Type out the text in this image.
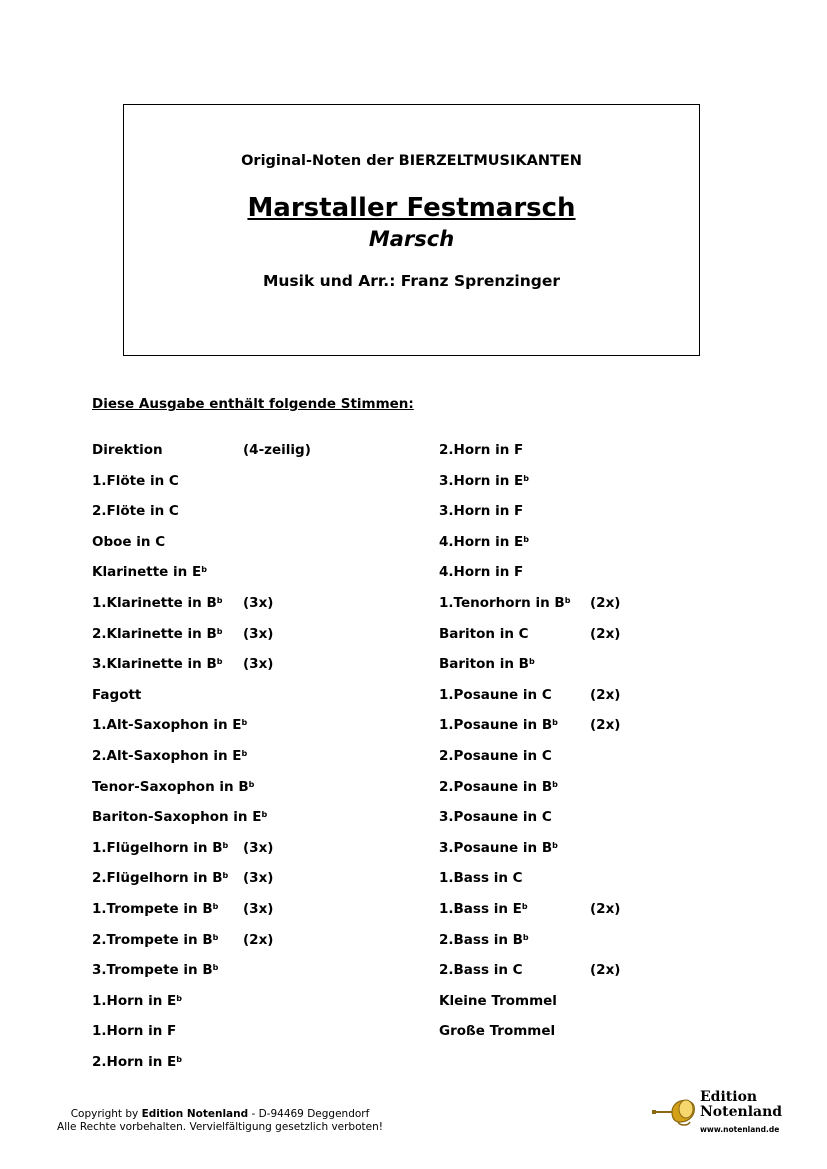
Original-Noten der BIERZELTMUSIKANTEN
Marstaller Festmarsch
Marsch
Musik und Arr.: Franz Sprenzinger
Diese Ausgabe enthält folgende Stimmen:
Direktion	(4-zeilig)
1.Flöte in C
2.Flöte in C
Oboe in C
Klarinette in $E^b$
1.Klarinette in $B^b$ (3x)
2.Klarinette in $B^b$ (3x)
3.Klarinette in $B^b$ (3x)
Fagott
1.Alt-Saxophon in $E^b$
2.Alt-Saxophon in $E^b$
Tenor-Saxophon in $B^b$
Bariton-Saxophon in $E^b$
1.Flügelhorn in $B^b$ (3x)
2.Flügelhorn in $B^b$ (3x)
1.Trompete in $B^b$ (3x)
2.Trompete in $B^b$ (2x)
3.Trompete in $B^b$
1.Horn in $E^b$
1.Horn in F
2.Horn in $E^b$
2.Horn in F
3.Horn in $E^b$
3.Horn in F
4.Horn in $E^b$
4.Horn in F
1.Tenorhorn in $B^b$ (2x)
Bariton in C	(2x)
Bariton in $B^b$
1.Posaune in C	(2x)
1.Posaune in $B^b$ (2x)
2.Posaune in C
2.Posaune in $B^b$
3.Posaune in C
3.Posaune in $B^b$
1.Bass in C
1.Bass in $E^b$	(2x)
2.Bass in $B^b$
2.Bass in C	(2x)
Kleine Trommel
Große Trommel
Copyright by Edition Notenland - D-94469 Deggendorf
Alle Rechte vorbehalten. Vervielfältigung gesetzlich verboten!
Edition
Notenland
www.notenland.de
